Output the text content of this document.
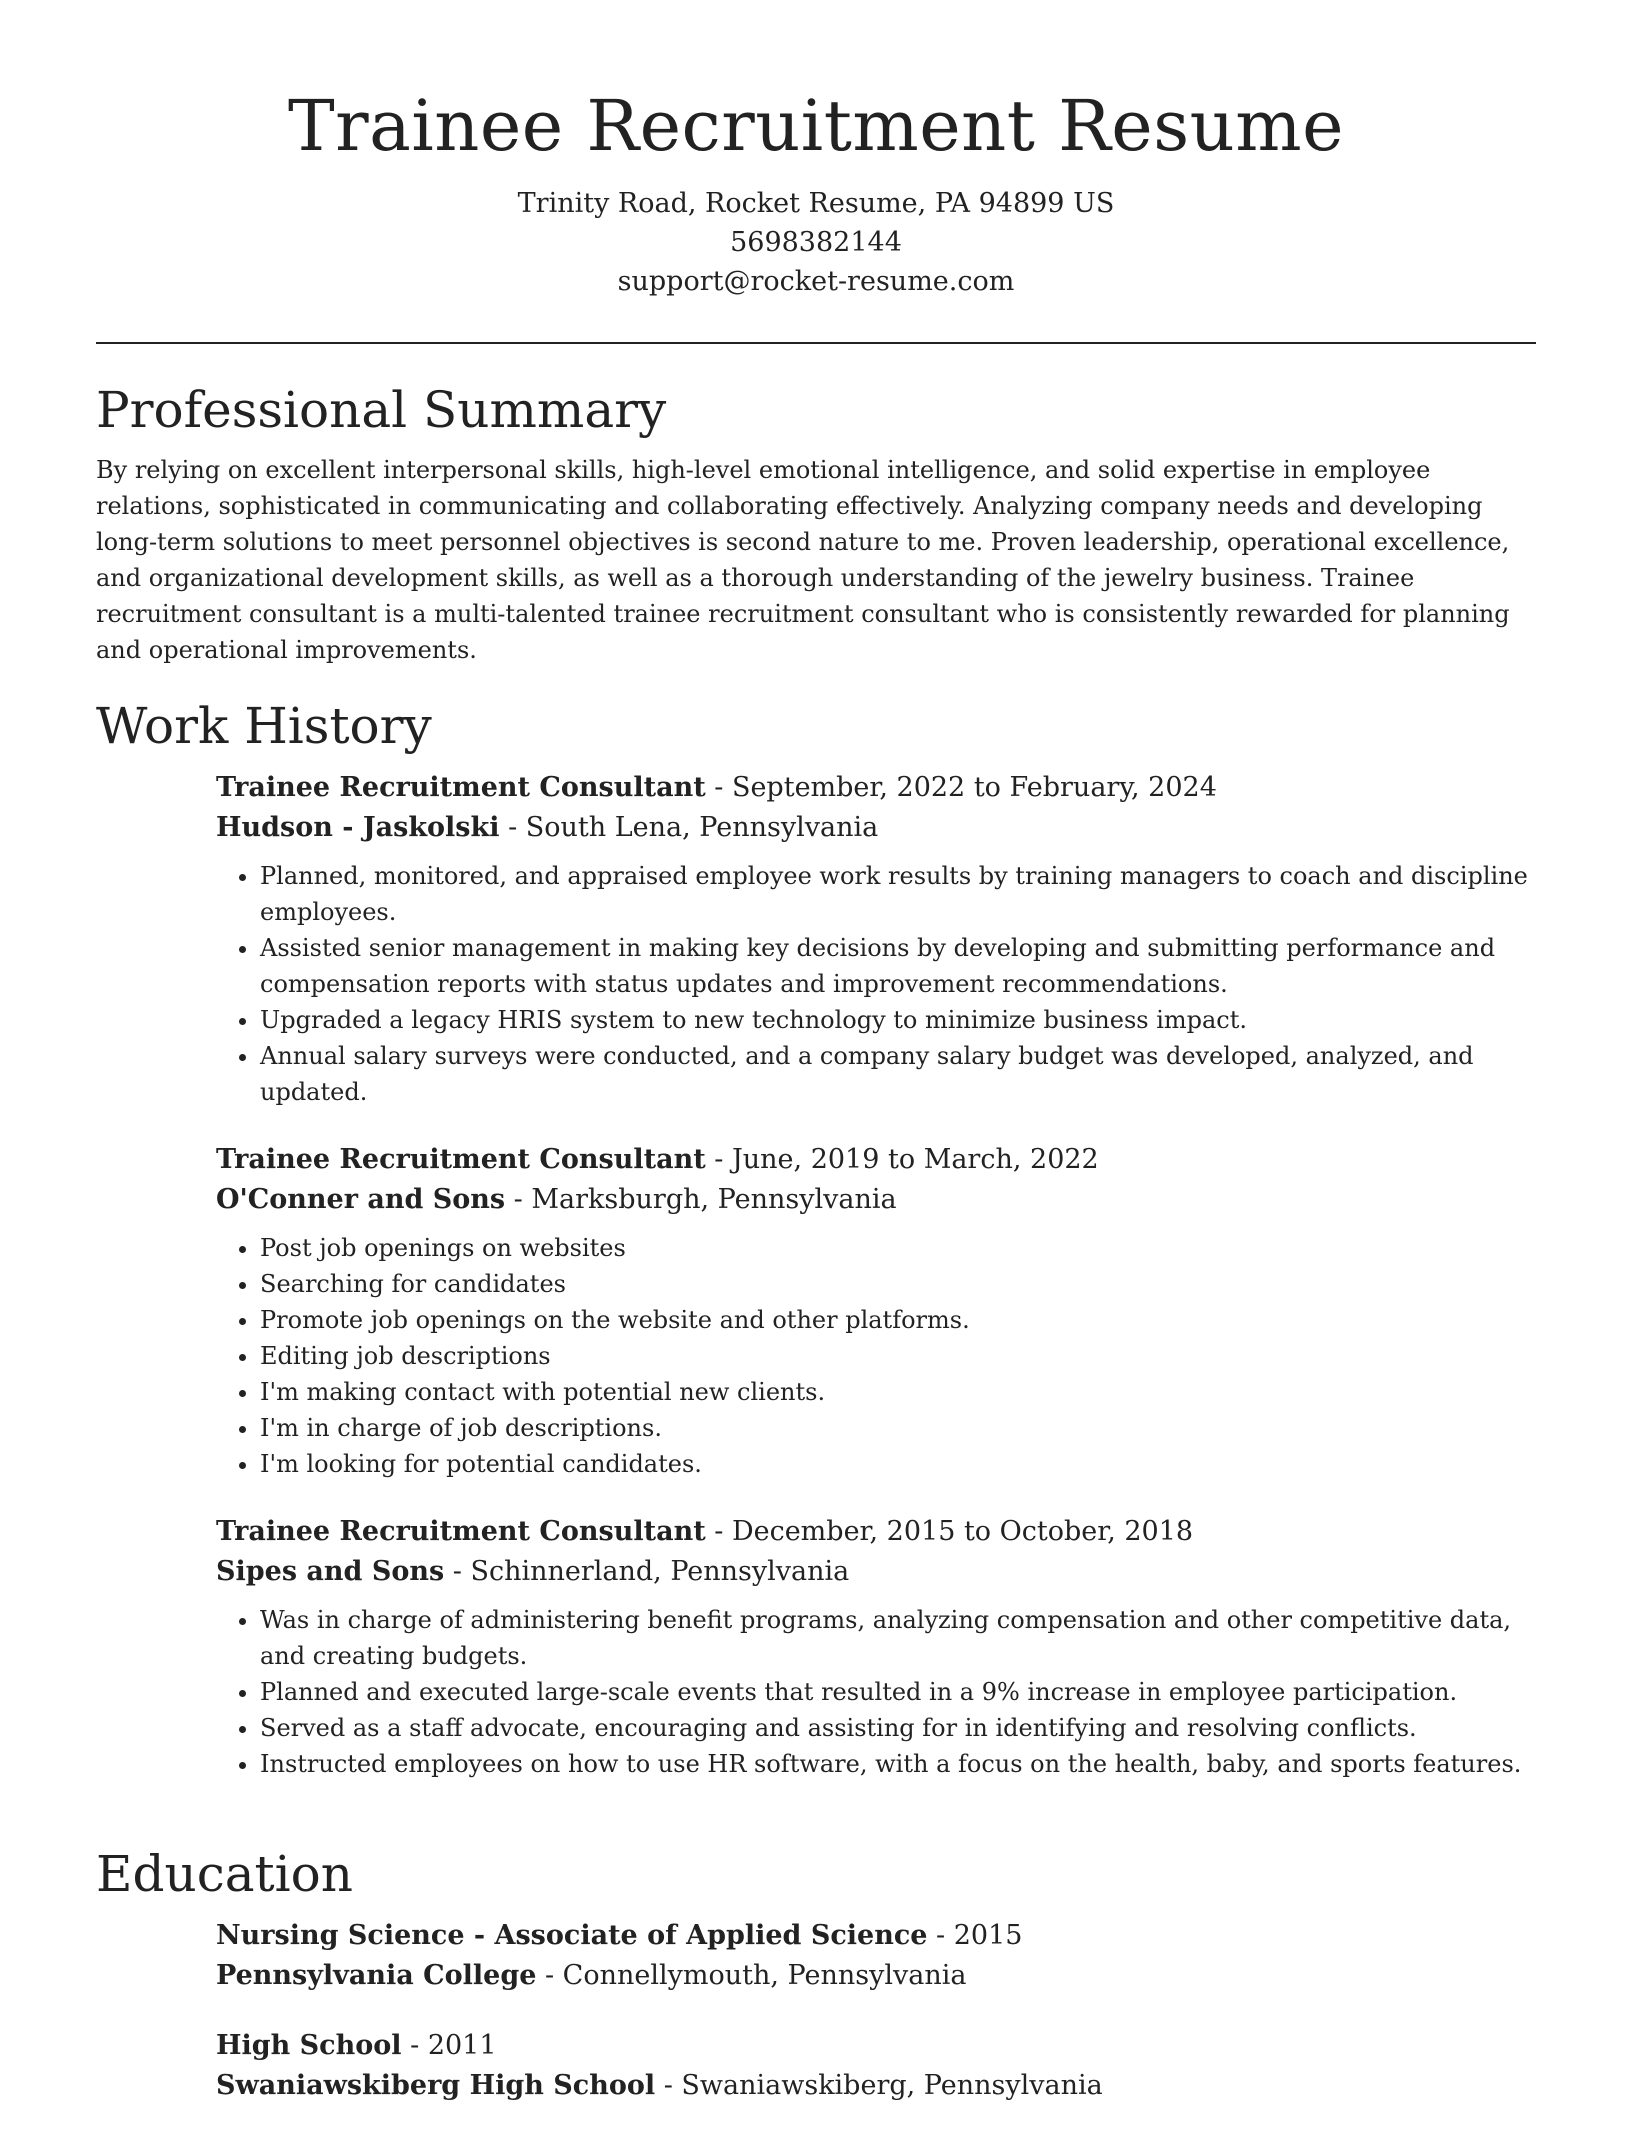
Trainee Recruitment Resume

Trinity Road, Rocket Resume, PA 94899 US

5698382144

support@rocket-resume.com

Professional Summary

By relying on excellent interpersonal skills, high-level emotional intelligence, and solid expertise in employee relations, sophisticated in communicating and collaborating effectively. Analyzing company needs and developing long-term solutions to meet personnel objectives is second nature to me. Proven leadership, operational excellence, and organizational development skills, as well as a thorough understanding of the jewelry business. Trainee recruitment consultant is a multi-talented trainee recruitment consultant who is consistently rewarded for planning and operational improvements.

Work History

Trainee Recruitment Consultant - September, 2022 to February, 2024

Hudson - Jaskolski - South Lena, Pennsylvania

• Planned, monitored, and appraised employee work results by training managers to coach and discipline employees.
• Assisted senior management in making key decisions by developing and submitting performance and compensation reports with status updates and improvement recommendations.
• Upgraded a legacy HRIS system to new technology to minimize business impact.
• Annual salary surveys were conducted, and a company salary budget was developed, analyzed, and updated.

Trainee Recruitment Consultant - June, 2019 to March, 2022

O'Conner and Sons - Marksburgh, Pennsylvania

• Post job openings on websites
• Searching for candidates
• Promote job openings on the website and other platforms.
• Editing job descriptions
• I'm making contact with potential new clients.
• I'm in charge of job descriptions.
• I'm looking for potential candidates.

Trainee Recruitment Consultant - December, 2015 to October, 2018

Sipes and Sons - Schinnerland, Pennsylvania

• Was in charge of administering benefit programs, analyzing compensation and other competitive data, and creating budgets.
• Planned and executed large-scale events that resulted in a 9% increase in employee participation.
• Served as a staff advocate, encouraging and assisting for in identifying and resolving conflicts.
• Instructed employees on how to use HR software, with a focus on the health, baby, and sports features.
Education

Nursing Science - Associate of Applied Science - 2015

Pennsylvania College - Connellymouth, Pennsylvania

High School - 2011

Swaniawskiberg High School - Swaniawskiberg, Pennsylvania
